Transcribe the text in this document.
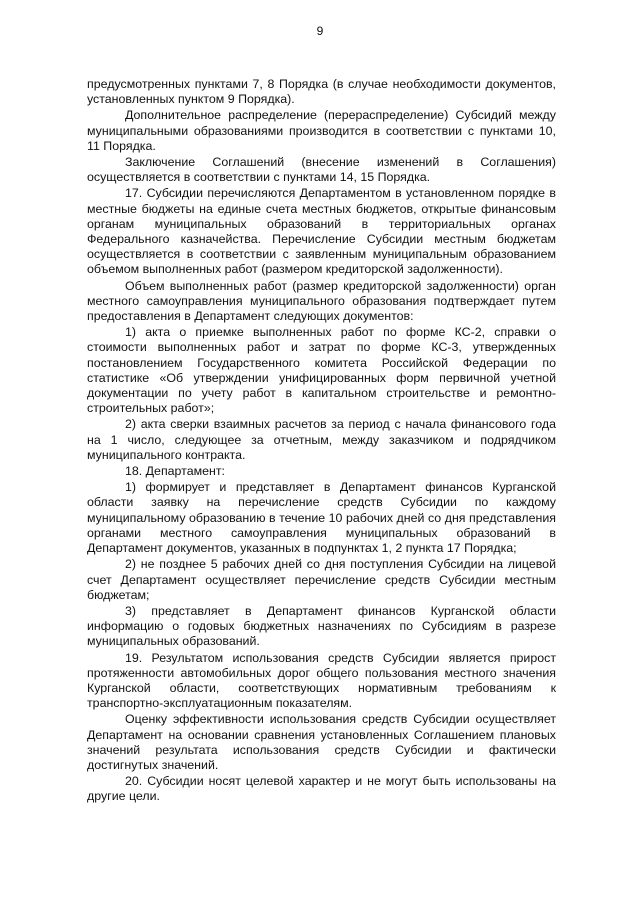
9

предусмотренных пунктами 7, 8 Порядка (в случае необходимости документов, установленных пунктом 9 Порядка).

Дополнительное распределение (перераспределение) Субсидий между муниципальными образованиями производится в соответствии с пунктами 10, 11 Порядка.

Заключение Соглашений (внесение изменений в Соглашения) осуществляется в соответствии с пунктами 14, 15 Порядка.

17. Субсидии перечисляются Департаментом в установленном порядке в местные бюджеты на единые счета местных бюджетов, открытые финансовым органам муниципальных образований в территориальных органах Федерального казначейства. Перечисление Субсидии местным бюджетам осуществляется в соответствии с заявленным муниципальным образованием объемом выполненных работ (размером кредиторской задолженности).

Объем выполненных работ (размер кредиторской задолженности) орган местного самоуправления муниципального образования подтверждает путем предоставления в Департамент следующих документов:

1) акта о приемке выполненных работ по форме КС-2, справки о стоимости выполненных работ и затрат по форме КС-3, утвержденных постановлением Государственного комитета Российской Федерации по статистике «Об утверждении унифицированных форм первичной учетной документации по учету работ в капитальном строительстве и ремонтно-строительных работ»;

2) акта сверки взаимных расчетов за период с начала финансового года на 1 число, следующее за отчетным, между заказчиком и подрядчиком муниципального контракта.

18. Департамент:

1) формирует и представляет в Департамент финансов Курганской области заявку на перечисление средств Субсидии по каждому муниципальному образованию в течение 10 рабочих дней со дня представления органами местного самоуправления муниципальных образований в Департамент документов, указанных в подпунктах 1, 2 пункта 17 Порядка;

2) не позднее 5 рабочих дней со дня поступления Субсидии на лицевой счет Департамент осуществляет перечисление средств Субсидии местным бюджетам;

3) представляет в Департамент финансов Курганской области информацию о годовых бюджетных назначениях по Субсидиям в разрезе муниципальных образований.

19. Результатом использования средств Субсидии является прирост протяженности автомобильных дорог общего пользования местного значения Курганской области, соответствующих нормативным требованиям к транспортно-эксплуатационным показателям.

Оценку эффективности использования средств Субсидии осуществляет Департамент на основании сравнения установленных Соглашением плановых значений результата использования средств Субсидии и фактически достигнутых значений.

20. Субсидии носят целевой характер и не могут быть использованы на другие цели.
